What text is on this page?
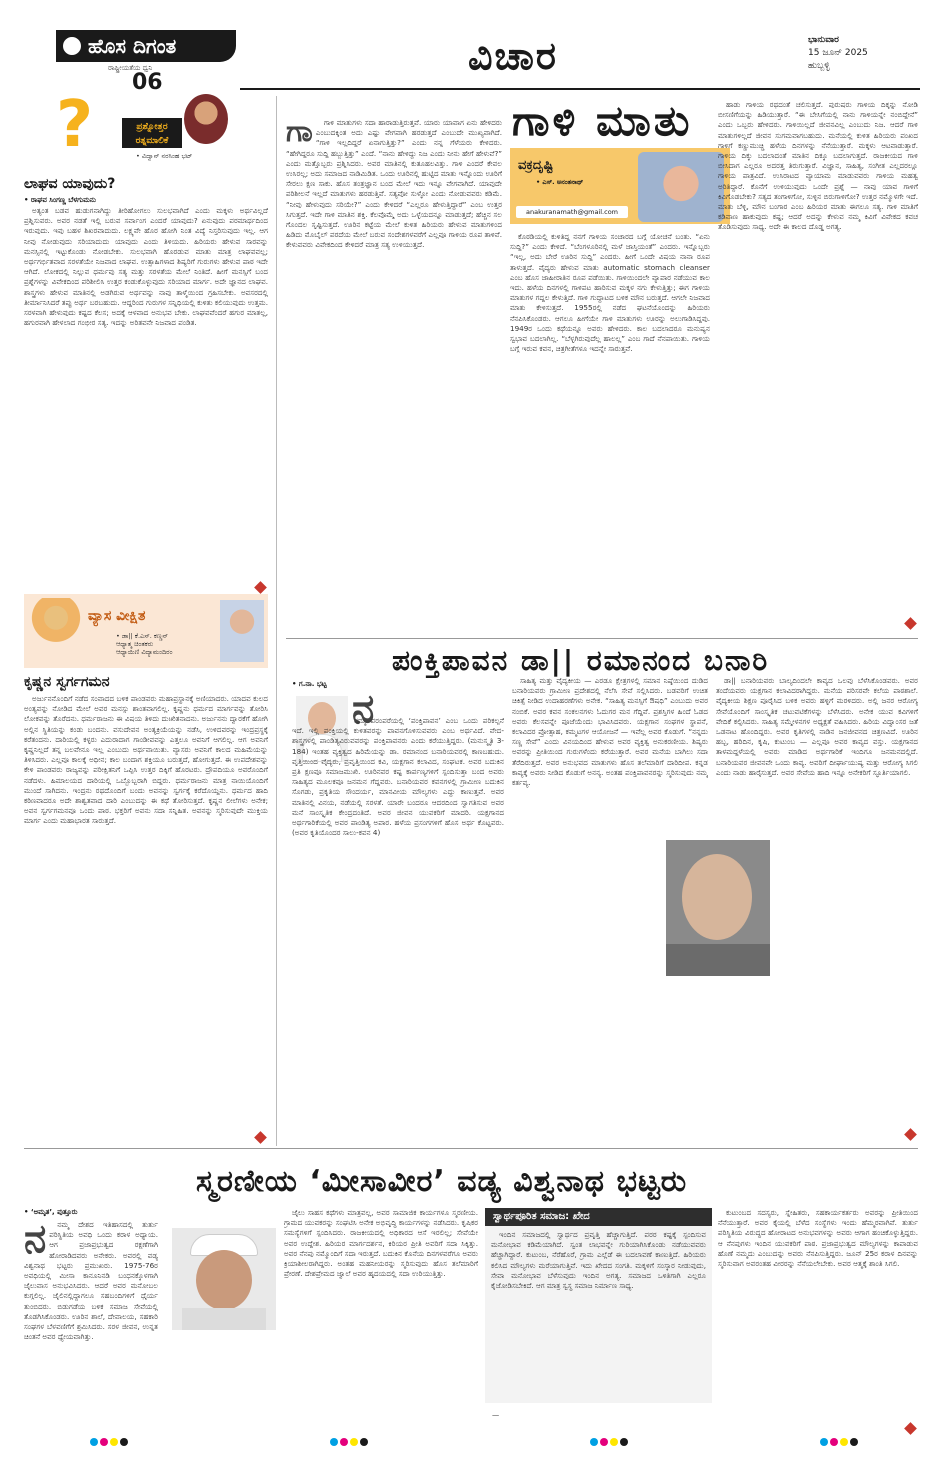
ಹೊಸ ದಿಗಂತ
ರಾಷ್ಟ್ರೀಯತೆಯ ಧ್ವನಿ
06
ವಿಚಾರ	ಭಾನುವಾರ
15 ಜೂನ್ 2025
ಹುಬ್ಬಳ್ಳಿ
?	ಪ್ರಶ್ನೋತ್ತರ
ರತ್ನಮಾಲಿಕೆ
• ವಿದ್ವಾನ್ ನರಸಿಂಹ ಭಟ್
ಲಾಘವ ಯಾವುದು?
• ರಾಘವ ಸಿಂಗಣ್ಣ ಬೆಳಗುಮನು

ಅತ್ಯಂತ ಬಡವ ಹುಡುಗನಾಗಿದ್ದು ತೀರಿಹೋಗಲು ಸುಲಭವಾಗಿದೆ ಎಂದು ಮಕ್ಕಳು ಅರ್ಥವಿಲ್ಲದೆ ಪ್ರಶ್ನಿಸುವರು. ಅವರ ನಡತೆ ಇಲ್ಲಿ ಬರುವ ಸರ್ವಾಂಗ ಎಂದರೆ ಯಾವುದು? ಏನುವುದು ಪರಮಾರ್ಥದಿಂದ ಇರುವುದು. ಇವು ಬಹಳ ಶಿಖರವಾದುದು. ಲಕ್ಷ್ಯವೇ ಹೊರ ಹೋಗಿ ನಿಂತ ವಿದ್ಯೆ ನಿಸ್ತರಿಸುವುದು ಇಲ್ಲ. ಆಗ ನೀವು ನೋಡುವುದು ಸರಿಯಾದುದು ಯಾವುದು ಎಂದು ತಿಳಿಯದು. ಹಿರಿಯರು ಹೇಳುವ ಸಾರವನ್ನು ಮನಸ್ಸಿನಲ್ಲಿ ಇಟ್ಟುಕೊಂಡು ನೋಡಬೇಕು. ಸುಲಭವಾಗಿ ಹೊರಡುವ ಮಾತು ಮಾತ್ರ ಲಾಘವವಲ್ಲ; ಅರ್ಥಗರ್ಭಿತವಾದ ಸರಳತೆಯೇ ನಿಜವಾದ ಲಾಘವ. ಉತ್ಸಾಹಿಗಳಾದ ಶಿಷ್ಯರಿಗೆ ಗುರುಗಳು ಹೇಳುವ ಪಾಠ ಇದೇ ಆಗಿದೆ. ಲೋಕದಲ್ಲಿ ನಿಲ್ಲುವ ಧರ್ಮವು ಸತ್ಯ ಮತ್ತು ಸರಳತೆಯ ಮೇಲೆ ನಿಂತಿದೆ. ಹೀಗೆ ಮನಸ್ಸಿಗೆ ಬಂದ ಪ್ರಶ್ನೆಗಳನ್ನು ವಿವೇಕದಿಂದ ಪರಿಶೀಲಿಸಿ ಉತ್ತರ ಕಂಡುಕೊಳ್ಳುವುದು ಸರಿಯಾದ ಮಾರ್ಗ. ಅದೇ ಜ್ಞಾನದ ಲಾಘವ. ಶಾಸ್ತ್ರಗಳು ಹೇಳುವ ಮಾತಿನಲ್ಲಿ ಅಡಗಿರುವ ಅರ್ಥವನ್ನು ನಾವು ತಾಳ್ಮೆಯಿಂದ ಗ್ರಹಿಸಬೇಕು. ಅವಸರದಲ್ಲಿ ತೀರ್ಮಾನಿಸಿದರೆ ತಪ್ಪು ಅರ್ಥ ಬರಬಹುದು. ಆದ್ದರಿಂದ ಗುರುಗಳ ಸನ್ನಿಧಿಯಲ್ಲಿ ಕುಳಿತು ಕಲಿಯುವುದು ಉತ್ತಮ. ಸರಳವಾಗಿ ಹೇಳುವುದು ಕಷ್ಟದ ಕೆಲಸ; ಅದಕ್ಕೆ ಆಳವಾದ ಅನುಭವ ಬೇಕು. ಲಾಘವವೆಂದರೆ ಹಗುರ ಮಾತಲ್ಲ, ಹಗುರವಾಗಿ ಹೇಳಲಾದ ಗಂಭೀರ ಸತ್ಯ. ಇದನ್ನು ಅರಿತವನೇ ನಿಜವಾದ ಪಂಡಿತ.

ವ್ಯಾಸ ವೀಕ್ಷಿತ
• ಡಾ|| ಕೆ.ಎಸ್. ಕಣ್ಣನ್
ಆಧ್ಯಾತ್ಮ ಚಿಂತಕರು
ಆಧ್ಯಾಯಿಣಿ ವಿದ್ಯಾಮಂದಿರಂ
ಕೃಷ್ಣನ ಸ್ವರ್ಗಗಮನ

ಅರ್ಜುನನೊಂದಿಗೆ ನಡೆದ ಸಂವಾದದ ಬಳಿಕ ಪಾಂಡವರು ಮಹಾಪ್ರಸ್ಥಾನಕ್ಕೆ ಅಣಿಯಾದರು. ಯಾದವ ಕುಲದ ಅಂತ್ಯವನ್ನು ನೋಡಿದ ಮೇಲೆ ಅವರ ಮನಸ್ಸು ಶಾಂತವಾಗಲಿಲ್ಲ. ಕೃಷ್ಣನು ಧರ್ಮದ ಮಾರ್ಗವನ್ನು ತೋರಿಸಿ ಲೋಕವನ್ನು ತೊರೆದನು. ಧರ್ಮರಾಜನು ಈ ವಿಷಯ ತಿಳಿದು ದುಃಖಿತನಾದನು. ಅರ್ಜುನನು ದ್ವಾರಕೆಗೆ ಹೋಗಿ ಅಲ್ಲಿನ ಸ್ಥಿತಿಯನ್ನು ಕಂಡು ಬಂದನು. ವಸುದೇವನ ಅಂತ್ಯಕ್ರಿಯೆಯನ್ನು ನಡೆಸಿ, ಉಳಿದವರನ್ನು ಇಂದ್ರಪ್ರಸ್ಥಕ್ಕೆ ಕರೆತಂದನು. ದಾರಿಯಲ್ಲಿ ಕಳ್ಳರು ಎದುರಾದಾಗ ಗಾಂಡೀವವನ್ನು ಎತ್ತಲೂ ಅವನಿಗೆ ಆಗಲಿಲ್ಲ. ಆಗ ಅವನಿಗೆ ಕೃಷ್ಣನಿಲ್ಲದೆ ತನ್ನ ಬಲವೇನೂ ಇಲ್ಲ ಎಂಬುದು ಅರ್ಥವಾಯಿತು. ವ್ಯಾಸರು ಅವನಿಗೆ ಕಾಲದ ಮಹಿಮೆಯನ್ನು ತಿಳಿಸಿದರು. ಎಲ್ಲವೂ ಕಾಲಕ್ಕೆ ಅಧೀನ; ಕಾಲ ಬಂದಾಗ ಶಕ್ತಿಯೂ ಬರುತ್ತದೆ, ಹೋಗುತ್ತದೆ. ಈ ಉಪದೇಶವನ್ನು ಕೇಳಿ ಪಾಂಡವರು ರಾಜ್ಯವನ್ನು ಪರೀಕ್ಷಿತನಿಗೆ ಒಪ್ಪಿಸಿ ಉತ್ತರ ದಿಕ್ಕಿಗೆ ಹೊರಟರು. ದ್ರೌಪದಿಯೂ ಅವರೊಂದಿಗೆ ನಡೆದಳು. ಹಿಮಾಲಯದ ದಾರಿಯಲ್ಲಿ ಒಬ್ಬೊಬ್ಬರಾಗಿ ಬಿದ್ದರು. ಧರ್ಮರಾಜನು ಮಾತ್ರ ನಾಯಿಯೊಂದಿಗೆ ಮುಂದೆ ಸಾಗಿದನು. ಇಂದ್ರನು ರಥದೊಂದಿಗೆ ಬಂದು ಅವನನ್ನು ಸ್ವರ್ಗಕ್ಕೆ ಕರೆದೊಯ್ದನು. ಧರ್ಮದ ಹಾದಿ ಕಠಿಣವಾದರೂ ಅದೇ ಶಾಶ್ವತವಾದ ದಾರಿ ಎಂಬುದನ್ನು ಈ ಕಥೆ ತೋರಿಸುತ್ತದೆ. ಕೃಷ್ಣನ ಲೀಲೆಗಳು ಅನೇಕ; ಅವನ ಸ್ವರ್ಗಗಮನವೂ ಒಂದು ಪಾಠ. ಭಕ್ತರಿಗೆ ಅವನು ಸದಾ ಸನ್ನಿಹಿತ. ಅವನನ್ನು ಸ್ಮರಿಸುವುದೇ ಮುಕ್ತಿಯ ಮಾರ್ಗ ಎಂದು ಮಹಾಭಾರತ ಸಾರುತ್ತದೆ.

ಗಾಳಿ ಮಾತು
ವಕ್ರದೃಷ್ಟಿ
• ಎಸ್. ಅನಂತನಾಥ್
anakuranamath@gmail.com
ಗಾ	ಗಾಳಿ ಮಾತುಗಳು ಸದಾ ಹಾರಾಡುತ್ತಿರುತ್ತವೆ. ಯಾರು ಯಾವಾಗ ಏನು ಹೇಳಿದರು ಎಂಬುದಕ್ಕಿಂತ ಅದು ಎಷ್ಟು ವೇಗವಾಗಿ ಹರಡುತ್ತದೆ ಎಂಬುದೇ ಮುಖ್ಯವಾಗಿದೆ. “ಗಾಳಿ ಇಲ್ಲದಿದ್ದರೆ ಏನಾಗುತ್ತಿತ್ತು?” ಎಂದು ನನ್ನ ಗೆಳೆಯರು ಕೇಳಿದರು. “ಹೇಗಿದ್ದರೂ ಸುದ್ದಿ ಹಬ್ಬುತ್ತಿತ್ತು” ಎಂದೆ. “ನಾನು ಹೇಳಿದ್ದು ನಿಜ ಎಂದು ನೀನು ಹೇಗೆ ಹೇಳುವೆ?” ಎಂದು ಮತ್ತೊಬ್ಬರು ಪ್ರಶ್ನಿಸಿದರು. ಅವರ ಮಾತಿನಲ್ಲಿ ಕುತೂಹಲವಿತ್ತು. ಗಾಳಿ ಎಂದರೆ ಕೇವಲ ಉಸಿರಲ್ಲ; ಅದು ಸಮಾಜದ ನಾಡಿಮಿಡಿತ. ಒಂದು ಊರಿನಲ್ಲಿ ಹುಟ್ಟಿದ ಮಾತು ಇನ್ನೊಂದು ಊರಿಗೆ ಸೇರಲು ಕ್ಷಣ ಸಾಕು. ಹೊಸ ತಂತ್ರಜ್ಞಾನ ಬಂದ ಮೇಲೆ ಇದು ಇನ್ನೂ ವೇಗವಾಗಿದೆ. ಯಾವುದೇ ಪರಿಶೀಲನೆ ಇಲ್ಲದೆ ಮಾತುಗಳು ಹರಡುತ್ತಿವೆ. ಸತ್ಯವೋ ಸುಳ್ಳೋ ಎಂದು ನೋಡುವವರು ಕಡಿಮೆ. “ನೀವು ಹೇಳುವುದು ಸರಿಯೇ?” ಎಂದು ಕೇಳಿದರೆ “ಎಲ್ಲರೂ ಹೇಳುತ್ತಿದ್ದಾರೆ” ಎಂಬ ಉತ್ತರ ಸಿಗುತ್ತದೆ. ಇದೇ ಗಾಳಿ ಮಾತಿನ ಶಕ್ತಿ. ಕೆಲವೊಮ್ಮೆ ಅದು ಒಳ್ಳೆಯದನ್ನೂ ಮಾಡುತ್ತದೆ; ಹೆಚ್ಚಿನ ಸಲ ಗೊಂದಲ ಸೃಷ್ಟಿಸುತ್ತದೆ. ಊರಿನ ಕಟ್ಟೆಯ ಮೇಲೆ ಕುಳಿತ ಹಿರಿಯರು ಹೇಳುವ ಮಾತುಗಳಿಂದ ಹಿಡಿದು ಮೊಬೈಲ್ ಪರದೆಯ ಮೇಲೆ ಬರುವ ಸಂದೇಶಗಳವರೆಗೆ ಎಲ್ಲವೂ ಗಾಳಿಯ ರೂಪ ತಾಳಿವೆ. ಕೇಳುವವರು ವಿವೇಕದಿಂದ ಕೇಳಿದರೆ ಮಾತ್ರ ಸತ್ಯ ಉಳಿಯುತ್ತದೆ.

ಕೊಠಡಿಯಲ್ಲಿ ಕುಳಿತಿದ್ದ ನನಗೆ ಗಾಳಿಯ ಸಂಚಾರದ ಬಗ್ಗೆ ಯೋಚನೆ ಬಂತು. “ಏನು ಸುದ್ದಿ?” ಎಂದು ಕೇಳಿದೆ. “ಬೆಂಗಳೂರಿನಲ್ಲಿ ಮಳೆ ಜಾಸ್ತಿಯಂತೆ” ಎಂದರು. ಇನ್ನೊಬ್ಬರು “ಇಲ್ಲ, ಅದು ಬೇರೆ ಊರಿನ ಸುದ್ದಿ” ಎಂದರು. ಹೀಗೆ ಒಂದೇ ವಿಷಯ ನಾನಾ ರೂಪ ತಾಳುತ್ತದೆ. ವೈದ್ಯರು ಹೇಳುವ ಮಾತು automatic stomach cleanser ಎಂಬ ಹೊಸ ಜಾಹೀರಾತಿನ ರೂಪ ಪಡೆಯಿತು. ಗಾಳಿಯಿಂದಲೇ ವ್ಯಾಪಾರ ನಡೆಯುವ ಕಾಲ ಇದು. ಹಳೆಯ ದಿನಗಳಲ್ಲಿ ಗಾಳಿಪಟ ಹಾರಿಸುವ ಮಕ್ಕಳ ನಗು ಕೇಳುತ್ತಿತ್ತು; ಈಗ ಗಾಳಿಯ ಮಾತುಗಳ ಗದ್ದಲ ಕೇಳುತ್ತಿದೆ. ಗಾಳಿ ಗುದ್ದಾಟದ ಬಳಿಕ ಮೌನ ಬರುತ್ತದೆ. ಆಗಲೇ ನಿಜವಾದ ಮಾತು ಕೇಳಿಸುತ್ತದೆ. 1955ರಲ್ಲಿ ನಡೆದ ಘಟನೆಯೊಂದನ್ನು ಹಿರಿಯರು ನೆನಪಿಸಿಕೊಂಡರು. ಆಗಲೂ ಹೀಗೆಯೇ ಗಾಳಿ ಮಾತುಗಳು ಊರನ್ನು ಅಲುಗಾಡಿಸಿದ್ದವು. 1949ರ ಒಂದು ಕಥೆಯನ್ನೂ ಅವರು ಹೇಳಿದರು. ಕಾಲ ಬದಲಾದರೂ ಮನುಷ್ಯನ ಸ್ವಭಾವ ಬದಲಾಗಿಲ್ಲ. “ಬೆಳ್ಳಗಿರುವುದೆಲ್ಲ ಹಾಲಲ್ಲ” ಎಂಬ ಗಾದೆ ನೆನಪಾಯಿತು. ಗಾಳಿಯ ಬಗ್ಗೆ ಇರುವ ಕವನ, ಚಿತ್ರಗೀತೆಗಳೂ ಇದನ್ನೇ ಸಾರುತ್ತವೆ.

ಹಾಡು ಗಾಳಿಯ ರಥದಂತೆ ಚಲಿಸುತ್ತದೆ. ಪುರುಷರು ಗಾಳಿಯ ದಿಕ್ಕನ್ನು ನೋಡಿ ಬೀಸಣಿಗೆಯನ್ನು ಹಿಡಿಯುತ್ತಾರೆ. “ಈ ಬೇಸಿಗೆಯಲ್ಲಿ ನಾನು ಗಾಳಿಯನ್ನೇ ನಂಬಿದ್ದೇನೆ” ಎಂದು ಒಬ್ಬರು ಹೇಳಿದರು. ಗಾಳಿಯಿಲ್ಲದೆ ಜೀವನವಿಲ್ಲ ಎಂಬುದು ನಿಜ. ಆದರೆ ಗಾಳಿ ಮಾತುಗಳಿಲ್ಲದೆ ಜೀವನ ಸುಗಮವಾಗಬಹುದು. ಮನೆಯಲ್ಲಿ ಕುಳಿತ ಹಿರಿಯರು ಪಂಖದ ಗಾಳಿಗೆ ಕಣ್ಣುಮುಚ್ಚಿ ಹಳೆಯ ದಿನಗಳನ್ನು ನೆನೆಯುತ್ತಾರೆ. ಮಕ್ಕಳು ಆಟವಾಡುತ್ತಾರೆ. ಗಾಳಿಯ ದಿಕ್ಕು ಬದಲಾದಂತೆ ಮಾತಿನ ದಿಕ್ಕೂ ಬದಲಾಗುತ್ತದೆ. ರಾಜಕೀಯದ ಗಾಳಿ ಬೀಸಿದಾಗ ಎಲ್ಲರೂ ಅದರತ್ತ ತಿರುಗುತ್ತಾರೆ. ವಿಜ್ಞಾನ, ಸಾಹಿತ್ಯ, ಸಂಗೀತ ಎಲ್ಲದರಲ್ಲೂ ಗಾಳಿಯ ಪಾತ್ರವಿದೆ. ಉಸಿರಾಟದ ವ್ಯಾಯಾಮ ಮಾಡುವವರು ಗಾಳಿಯ ಮಹತ್ವ ಅರಿತಿದ್ದಾರೆ. ಕೊನೆಗೆ ಉಳಿಯುವುದು ಒಂದೇ ಪ್ರಶ್ನೆ — ನಾವು ಯಾವ ಗಾಳಿಗೆ ಕಿವಿಗೊಡಬೇಕು? ಸತ್ಯದ ತಂಗಾಳಿಗೋ, ಸುಳ್ಳಿನ ಬಿರುಗಾಳಿಗೋ? ಉತ್ತರ ನಮ್ಮೊಳಗೇ ಇದೆ. ಮಾತು ಬೆಳ್ಳಿ, ಮೌನ ಬಂಗಾರ ಎಂಬ ಹಿರಿಯರ ಮಾತು ಈಗಲೂ ಸತ್ಯ. ಗಾಳಿ ಮಾತಿಗೆ ಕಡಿವಾಣ ಹಾಕುವುದು ಕಷ್ಟ; ಆದರೆ ಅದನ್ನು ಕೇಳುವ ನಮ್ಮ ಕಿವಿಗೆ ವಿವೇಕದ ಕವಚ ತೊಡಿಸುವುದು ಸಾಧ್ಯ. ಅದೇ ಈ ಕಾಲದ ದೊಡ್ಡ ಅಗತ್ಯ.

ಪಂಕ್ತಿಪಾವನ ಡಾ|| ರಮಾನಂದ ಬನಾರಿ
• ಗ.ನಾ. ಭಟ್ಟ
ನ

ನಮ್ಮ ಪರಂಪರೆಯಲ್ಲಿ ‘ಪಂಕ್ತಿಪಾವನ’ ಎಂಬ ಒಂದು ಪರಿಕಲ್ಪನೆ ಇದೆ. ಇಲ್ಲಿ ಪಂಕ್ತಿಯಲ್ಲಿ ಕುಳಿತವರನ್ನು ಪಾವನಗೊಳಿಸುವವರು ಎಂಬ ಅರ್ಥವಿದೆ. ವೇದ-ಶಾಸ್ತ್ರಗಳಲ್ಲಿ ಪಾಂಡಿತ್ಯವಿರುವವರನ್ನು ಪಂಕ್ತಿಪಾವನರು ಎಂದು ಕರೆಯುತ್ತಿದ್ದರು. (ಮನುಸ್ಮೃತಿ 3-184) ಇಂತಹ ವ್ಯಕ್ತಿತ್ವದ ಹಿರಿಮೆಯನ್ನು ಡಾ. ರಮಾನಂದ ಬನಾರಿಯವರಲ್ಲಿ ಕಾಣಬಹುದು. ವೃತ್ತಿಯಿಂದ ವೈದ್ಯರು, ಪ್ರವೃತ್ತಿಯಿಂದ ಕವಿ, ಯಕ್ಷಗಾನ ಕಲಾವಿದ, ಸಂಘಟಕ. ಅವರ ಬದುಕಿನ ಪ್ರತಿ ಕ್ಷಣವೂ ಸಮಾಜಮುಖಿ. ಊರಿನವರ ಕಷ್ಟ ಕಾರ್ಪಣ್ಯಗಳಿಗೆ ಸ್ಪಂದಿಸುತ್ತಾ ಬಂದ ಅವರು ಸಾಹಿತ್ಯದ ಮೂಲಕವೂ ಜನಮನ ಗೆದ್ದವರು. ಬನಾರಿಯವರ ಕವನಗಳಲ್ಲಿ ಗ್ರಾಮೀಣ ಬದುಕಿನ ಸೊಗಡು, ಪ್ರಕೃತಿಯ ಸೌಂದರ್ಯ, ಮಾನವೀಯ ಮೌಲ್ಯಗಳು ಎದ್ದು ಕಾಣುತ್ತವೆ. ಅವರ ಮಾತಿನಲ್ಲಿ ವಿನಯ, ನಡೆಯಲ್ಲಿ ಸರಳತೆ. ಯಾರೇ ಬಂದರೂ ಆದರದಿಂದ ಸ್ವಾಗತಿಸುವ ಅವರ ಮನೆ ಸಾಂಸ್ಕೃತಿಕ ಕೇಂದ್ರದಂತಿದೆ. ಅವರ ಜೀವನ ಯುವಕರಿಗೆ ಮಾದರಿ. ಯಕ್ಷಗಾನದ ಅರ್ಥಗಾರಿಕೆಯಲ್ಲಿ ಅವರ ಪಾಂಡಿತ್ಯ ಅಪಾರ. ಹಳೆಯ ಪ್ರಸಂಗಗಳಿಗೆ ಹೊಸ ಅರ್ಥ ಕೊಟ್ಟವರು. (ಅವರ ಕೃತಿಯೊಂದರ ಸಾಲು-ಕವನ 4)

ಸಾಹಿತ್ಯ ಮತ್ತು ವೈದ್ಯಕೀಯ — ಎರಡೂ ಕ್ಷೇತ್ರಗಳಲ್ಲಿ ಸಮಾನ ನಿಷ್ಠೆಯಿಂದ ದುಡಿದ ಬನಾರಿಯವರು ಗ್ರಾಮೀಣ ಪ್ರದೇಶದಲ್ಲಿ ನೆಲೆಸಿ ಸೇವೆ ಸಲ್ಲಿಸಿದರು. ಬಡವರಿಗೆ ಉಚಿತ ಚಿಕಿತ್ಸೆ ನೀಡಿದ ಉದಾಹರಣೆಗಳು ಅನೇಕ. “ಸಾಹಿತ್ಯ ಮನಸ್ಸಿಗೆ ಔಷಧಿ” ಎಂಬುದು ಅವರ ನಂಬಿಕೆ. ಅವರ ಕವನ ಸಂಕಲನಗಳು ಓದುಗರ ಮನ ಗೆದ್ದಿವೆ. ಪ್ರಶಸ್ತಿಗಳ ಹಿಂದೆ ಓಡದ ಅವರು ಕೆಲಸವನ್ನೇ ಪೂಜೆಯೆಂದು ಭಾವಿಸಿದವರು. ಯಕ್ಷಗಾನ ಸಂಘಗಳ ಸ್ಥಾಪನೆ, ಕಲಾವಿದರ ಪ್ರೋತ್ಸಾಹ, ಕಮ್ಮಟಗಳ ಆಯೋಜನೆ — ಇವೆಲ್ಲ ಅವರ ಕೊಡುಗೆ. “ನನ್ನದು ಸಣ್ಣ ಸೇವೆ” ಎಂದು ವಿನಯದಿಂದ ಹೇಳುವ ಅವರ ವ್ಯಕ್ತಿತ್ವ ಅನುಕರಣೀಯ. ಶಿಷ್ಯರು ಅವರನ್ನು ಪ್ರೀತಿಯಿಂದ ಗುರುಗಳೆಂದು ಕರೆಯುತ್ತಾರೆ. ಅವರ ಮನೆಯ ಬಾಗಿಲು ಸದಾ ತೆರೆದಿರುತ್ತದೆ. ಅವರ ಅನುಭವದ ಮಾತುಗಳು ಹೊಸ ತಲೆಮಾರಿಗೆ ದಾರಿದೀಪ. ಕನ್ನಡ ಕಾವ್ಯಕ್ಕೆ ಅವರು ನೀಡಿದ ಕೊಡುಗೆ ಅನನ್ಯ. ಅಂತಹ ಪಂಕ್ತಿಪಾವನರನ್ನು ಸ್ಮರಿಸುವುದು ನಮ್ಮ ಕರ್ತವ್ಯ.

ಡಾ|| ಬನಾರಿಯವರು ಬಾಲ್ಯದಿಂದಲೇ ಕಾವ್ಯದ ಒಲವು ಬೆಳೆಸಿಕೊಂಡವರು. ಅವರ ತಂದೆಯವರು ಯಕ್ಷಗಾನ ಕಲಾವಿದರಾಗಿದ್ದರು. ಮನೆಯ ಪರಿಸರವೇ ಕಲೆಯ ಪಾಠಶಾಲೆ. ವೈದ್ಯಕೀಯ ಶಿಕ್ಷಣ ಪೂರೈಸಿದ ಬಳಿಕ ಅವರು ಹಳ್ಳಿಗೆ ಮರಳಿದರು. ಅಲ್ಲಿ ಜನರ ಆರೋಗ್ಯ ಸೇವೆಯೊಂದಿಗೆ ಸಾಂಸ್ಕೃತಿಕ ಚಟುವಟಿಕೆಗಳನ್ನು ಬೆಳೆಸಿದರು. ಅನೇಕ ಯುವ ಕವಿಗಳಿಗೆ ವೇದಿಕೆ ಕಲ್ಪಿಸಿದರು. ಸಾಹಿತ್ಯ ಸಮ್ಮೇಳನಗಳ ಅಧ್ಯಕ್ಷತೆ ವಹಿಸಿದರು. ಹಿರಿಯ ವಿದ್ವಾಂಸರ ಜತೆ ಒಡನಾಟ ಹೊಂದಿದ್ದರು. ಅವರ ಕೃತಿಗಳಲ್ಲಿ ನಾಡಿನ ಜನಜೀವನದ ಚಿತ್ರಣವಿದೆ. ಊರಿನ ಹಬ್ಬ, ಹರಿದಿನ, ಕೃಷಿ, ಕುಟುಂಬ — ಎಲ್ಲವೂ ಅವರ ಕಾವ್ಯದ ವಸ್ತು. ಯಕ್ಷಗಾನದ ತಾಳಮದ್ದಳೆಯಲ್ಲಿ ಅವರು ಮಾಡಿದ ಅರ್ಥಗಾರಿಕೆ ಇಂದಿಗೂ ಜನಮನದಲ್ಲಿದೆ. ಬನಾರಿಯವರ ಜೀವನವೇ ಒಂದು ಕಾವ್ಯ. ಅವರಿಗೆ ದೀರ್ಘಾಯುಷ್ಯ ಮತ್ತು ಆರೋಗ್ಯ ಸಿಗಲಿ ಎಂದು ನಾಡು ಹಾರೈಸುತ್ತದೆ. ಅವರ ಸೇವೆಯ ಹಾದಿ ಇನ್ನೂ ಅನೇಕರಿಗೆ ಸ್ಫೂರ್ತಿಯಾಗಲಿ.

ಸ್ಮರಣೀಯ ‘ಮೀಸಾವೀರ’ ವಡ್ಯ ವಿಶ್ವನಾಥ ಭಟ್ಟರು
• ‘ಅಮೃತ’, ಪುತ್ತೂರು
ನ	ನಮ್ಮ ದೇಶದ ಇತಿಹಾಸದಲ್ಲಿ ತುರ್ತು ಪರಿಸ್ಥಿತಿಯ ಅವಧಿ ಒಂದು ಕರಾಳ ಅಧ್ಯಾಯ. ಆಗ ಪ್ರಜಾಪ್ರಭುತ್ವದ ರಕ್ಷಣೆಗಾಗಿ ಹೋರಾಡಿದವರು ಅನೇಕರು. ಅವರಲ್ಲಿ ವಡ್ಯ ವಿಶ್ವನಾಥ ಭಟ್ಟರು ಪ್ರಮುಖರು. 1975-76ರ ಅವಧಿಯಲ್ಲಿ ಮೀಸಾ ಕಾನೂನಿನಡಿ ಬಂಧನಕ್ಕೊಳಗಾಗಿ ಜೈಲುವಾಸ ಅನುಭವಿಸಿದರು. ಆದರೆ ಅವರ ಮನೋಬಲ ಕುಗ್ಗಲಿಲ್ಲ. ಜೈಲಿನಲ್ಲಿದ್ದಾಗಲೂ ಸಹಬಂದಿಗಳಿಗೆ ಧೈರ್ಯ ತುಂಬಿದರು. ಬಿಡುಗಡೆಯ ಬಳಿಕ ಸಮಾಜ ಸೇವೆಯಲ್ಲಿ ತೊಡಗಿಸಿಕೊಂಡರು. ಊರಿನ ಶಾಲೆ, ದೇವಾಲಯ, ಸಹಕಾರಿ ಸಂಘಗಳ ಬೆಳವಣಿಗೆಗೆ ಶ್ರಮಿಸಿದರು. ಸರಳ ಜೀವನ, ಉನ್ನತ ಚಿಂತನೆ ಅವರ ಧ್ಯೇಯವಾಗಿತ್ತು.

ಜೈಲು ಸಾಹಸ ಕಥೆಗಳು ಮಾತ್ರವಲ್ಲ, ಅವರ ಸಾಮಾಜಿಕ ಕಾರ್ಯಗಳೂ ಸ್ಮರಣೀಯ. ಗ್ರಾಮದ ಯುವಕರನ್ನು ಸಂಘಟಿಸಿ ಅನೇಕ ಅಭಿವೃದ್ಧಿ ಕಾರ್ಯಗಳನ್ನು ನಡೆಸಿದರು. ಕೃಷಿಕರ ಸಮಸ್ಯೆಗಳಿಗೆ ಸ್ಪಂದಿಸಿದರು. ರಾಜಕೀಯದಲ್ಲಿ ಅಧಿಕಾರದ ಆಸೆ ಇರಲಿಲ್ಲ; ಸೇವೆಯೇ ಅವರ ಉದ್ದೇಶ. ಹಿರಿಯರ ಮಾರ್ಗದರ್ಶನ, ಕಿರಿಯರ ಪ್ರೀತಿ ಅವರಿಗೆ ಸದಾ ಸಿಕ್ಕಿತ್ತು. ಅವರ ನೆನಪು ನಮ್ಮೊಂದಿಗೆ ಸದಾ ಇರುತ್ತದೆ. ಬದುಕಿನ ಕೊನೆಯ ದಿನಗಳವರೆಗೂ ಅವರು ಕ್ರಿಯಾಶೀಲರಾಗಿದ್ದರು. ಅಂತಹ ಮಹನೀಯರನ್ನು ಸ್ಮರಿಸುವುದು ಹೊಸ ತಲೆಮಾರಿಗೆ ಪ್ರೇರಣೆ. ದೇಶಪ್ರೇಮದ ಜ್ವಾಲೆ ಅವರ ಹೃದಯದಲ್ಲಿ ಸದಾ ಉರಿಯುತ್ತಿತ್ತು.

ಸ್ವಾರ್ಥಪೂರಿತ ಸಮಾಜ: ಖೇದ

ಇಂದಿನ ಸಮಾಜದಲ್ಲಿ ಸ್ವಾರ್ಥದ ಪ್ರವೃತ್ತಿ ಹೆಚ್ಚಾಗುತ್ತಿದೆ. ಪರರ ಕಷ್ಟಕ್ಕೆ ಸ್ಪಂದಿಸುವ ಮನೋಭಾವ ಕಡಿಮೆಯಾಗಿದೆ. ಸ್ವಂತ ಲಾಭವನ್ನೇ ಗುರಿಯಾಗಿಸಿಕೊಂಡು ನಡೆಯುವವರು ಹೆಚ್ಚಾಗಿದ್ದಾರೆ. ಕುಟುಂಬ, ನೆರೆಹೊರೆ, ಗ್ರಾಮ ಎಲ್ಲೆಡೆ ಈ ಬದಲಾವಣೆ ಕಾಣುತ್ತಿದೆ. ಹಿರಿಯರು ಕಲಿಸಿದ ಮೌಲ್ಯಗಳು ಮರೆಯಾಗುತ್ತಿವೆ. ಇದು ಖೇದದ ಸಂಗತಿ. ಮಕ್ಕಳಿಗೆ ಸಂಸ್ಕಾರ ನೀಡುವುದು, ಸೇವಾ ಮನೋಭಾವ ಬೆಳೆಸುವುದು ಇಂದಿನ ಅಗತ್ಯ. ಸಮಾಜದ ಒಳಿತಿಗಾಗಿ ಎಲ್ಲರೂ ಕೈಜೋಡಿಸಬೇಕಿದೆ. ಆಗ ಮಾತ್ರ ಸ್ವಸ್ಥ ಸಮಾಜ ನಿರ್ಮಾಣ ಸಾಧ್ಯ.

—

ಕುಟುಂಬದ ಸದಸ್ಯರು, ಸ್ನೇಹಿತರು, ಸಹಕಾರ್ಯಕರ್ತರು ಅವರನ್ನು ಪ್ರೀತಿಯಿಂದ ನೆನೆಯುತ್ತಾರೆ. ಅವರ ಕೈಯಲ್ಲಿ ಬೆಳೆದ ಸಂಸ್ಥೆಗಳು ಇಂದು ಹೆಮ್ಮರವಾಗಿವೆ. ತುರ್ತು ಪರಿಸ್ಥಿತಿಯ ವಿರುದ್ಧದ ಹೋರಾಟದ ಅನುಭವಗಳನ್ನು ಅವರು ಆಗಾಗ ಹಂಚಿಕೊಳ್ಳುತ್ತಿದ್ದರು. ಆ ನೆನಪುಗಳು ಇಂದಿನ ಯುವಕರಿಗೆ ಪಾಠ. ಪ್ರಜಾಪ್ರಭುತ್ವದ ಮೌಲ್ಯಗಳನ್ನು ಕಾಪಾಡುವ ಹೊಣೆ ನಮ್ಮದು ಎಂಬುದನ್ನು ಅವರು ನೆನಪಿಸುತ್ತಿದ್ದರು. ಜೂನ್ 25ರ ಕರಾಳ ದಿನವನ್ನು ಸ್ಮರಿಸುವಾಗ ಅವರಂತಹ ವೀರರನ್ನು ನೆನೆಯಲೇಬೇಕು. ಅವರ ಆತ್ಮಕ್ಕೆ ಶಾಂತಿ ಸಿಗಲಿ.
